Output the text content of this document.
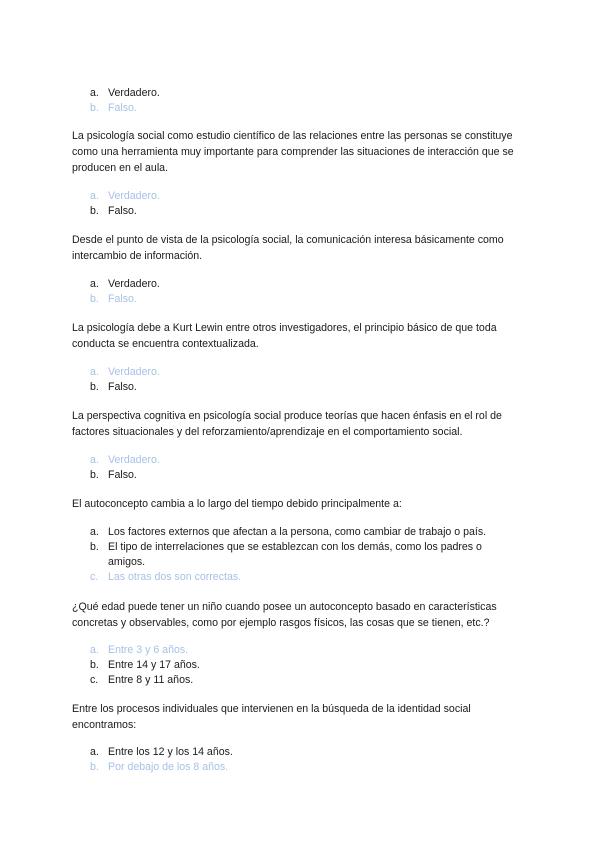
a. Verdadero.
b. Falso.

La psicología social como estudio científico de las relaciones entre las personas se constituye como una herramienta muy importante para comprender las situaciones de interacción que se producen en el aula.

a. Verdadero.
b. Falso.

Desde el punto de vista de la psicología social, la comunicación interesa básicamente como intercambio de información.

a. Verdadero.
b. Falso.

La psicología debe a Kurt Lewin entre otros investigadores, el principio básico de que toda conducta se encuentra contextualizada.

a. Verdadero.
b. Falso.

La perspectiva cognitiva en psicología social produce teorías que hacen énfasis en el rol de factores situacionales y del reforzamiento/aprendizaje en el comportamiento social.

a. Verdadero.
b. Falso.

El autoconcepto cambia a lo largo del tiempo debido principalmente a:

a. Los factores externos que afectan a la persona, como cambiar de trabajo o país.
b. El tipo de interrelaciones que se establezcan con los demás, como los padres o amigos.
c. Las otras dos son correctas.

¿Qué edad puede tener un niño cuando posee un autoconcepto basado en características concretas y observables, como por ejemplo rasgos físicos, las cosas que se tienen, etc.?

a. Entre 3 y 6 años.
b. Entre 14 y 17 años.
c. Entre 8 y 11 años.

Entre los procesos individuales que intervienen en la búsqueda de la identidad social encontramos:

a. Entre los 12 y los 14 años.
b. Por debajo de los 8 años.
